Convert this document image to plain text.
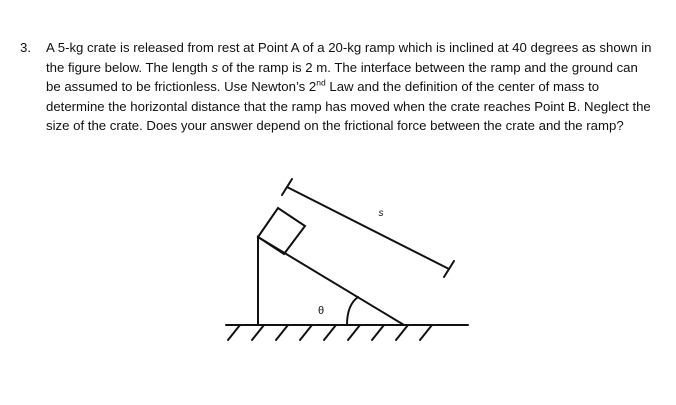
3.	A 5-kg crate is released from rest at Point A of a 20-kg ramp which is inclined at 40 degrees as shown in the figure below. The length s of the ramp is 2 m. The interface between the ramp and the ground can be assumed to be frictionless. Use Newton’s 2nd Law and the definition of the center of mass to determine the horizontal distance that the ramp has moved when the crate reaches Point B. Neglect the size of the crate. Does your answer depend on the frictional force between the crate and the ramp?
s
θ
